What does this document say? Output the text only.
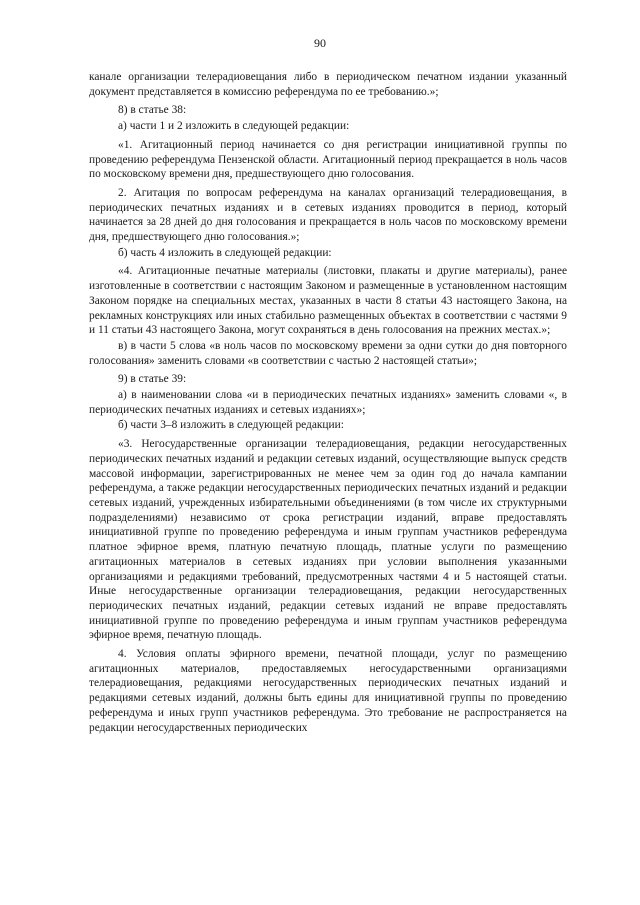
90

канале организации телерадиовещания либо в периодическом печатном издании указанный документ представляется в комиссию референдума по ее требованию.»;

8) в статье 38:

а) части 1 и 2 изложить в следующей редакции:

«1. Агитационный период начинается со дня регистрации инициативной группы по проведению референдума Пензенской области. Агитационный период прекращается в ноль часов по московскому времени дня, предшествующего дню голосования.

2. Агитация по вопросам референдума на каналах организаций телерадиовещания, в периодических печатных изданиях и в сетевых изданиях проводится в период, который начинается за 28 дней до дня голосования и прекращается в ноль часов по московскому времени дня, предшествующего дню голосования.»;

б) часть 4 изложить в следующей редакции:

«4. Агитационные печатные материалы (листовки, плакаты и другие материалы), ранее изготовленные в соответствии с настоящим Законом и размещенные в установленном настоящим Законом порядке на специальных местах, указанных в части 8 статьи 43 настоящего Закона, на рекламных конструкциях или иных стабильно размещенных объектах в соответствии с частями 9 и 11 статьи 43 настоящего Закона, могут сохраняться в день голосования на прежних местах.»;

в) в части 5 слова «в ноль часов по московскому времени за одни сутки до дня повторного голосования» заменить словами «в соответствии с частью 2 настоящей статьи»;

9) в статье 39:

а) в наименовании слова «и в периодических печатных изданиях» заменить словами «, в периодических печатных изданиях и сетевых изданиях»;

б) части 3–8 изложить в следующей редакции:

«3. Негосударственные организации телерадиовещания, редакции негосударственных периодических печатных изданий и редакции сетевых изданий, осуществляющие выпуск средств массовой информации, зарегистрированных не менее чем за один год до начала кампании референдума, а также редакции негосударственных периодических печатных изданий и редакции сетевых изданий, учрежденных избирательными объединениями (в том числе их структурными подразделениями) независимо от срока регистрации изданий, вправе предоставлять инициативной группе по проведению референдума и иным группам участников референдума платное эфирное время, платную печатную площадь, платные услуги по размещению агитационных материалов в сетевых изданиях при условии выполнения указанными организациями и редакциями требований, предусмотренных частями 4 и 5 настоящей статьи. Иные негосударственные организации телерадиовещания, редакции негосударственных периодических печатных изданий, редакции сетевых изданий не вправе предоставлять инициативной группе по проведению референдума и иным группам участников референдума эфирное время, печатную площадь.

4. Условия оплаты эфирного времени, печатной площади, услуг по размещению агитационных материалов, предоставляемых негосударственными организациями телерадиовещания, редакциями негосударственных периодических печатных изданий и редакциями сетевых изданий, должны быть едины для инициативной группы по проведению референдума и иных групп участников референдума. Это требование не распространяется на редакции негосударственных периодических
